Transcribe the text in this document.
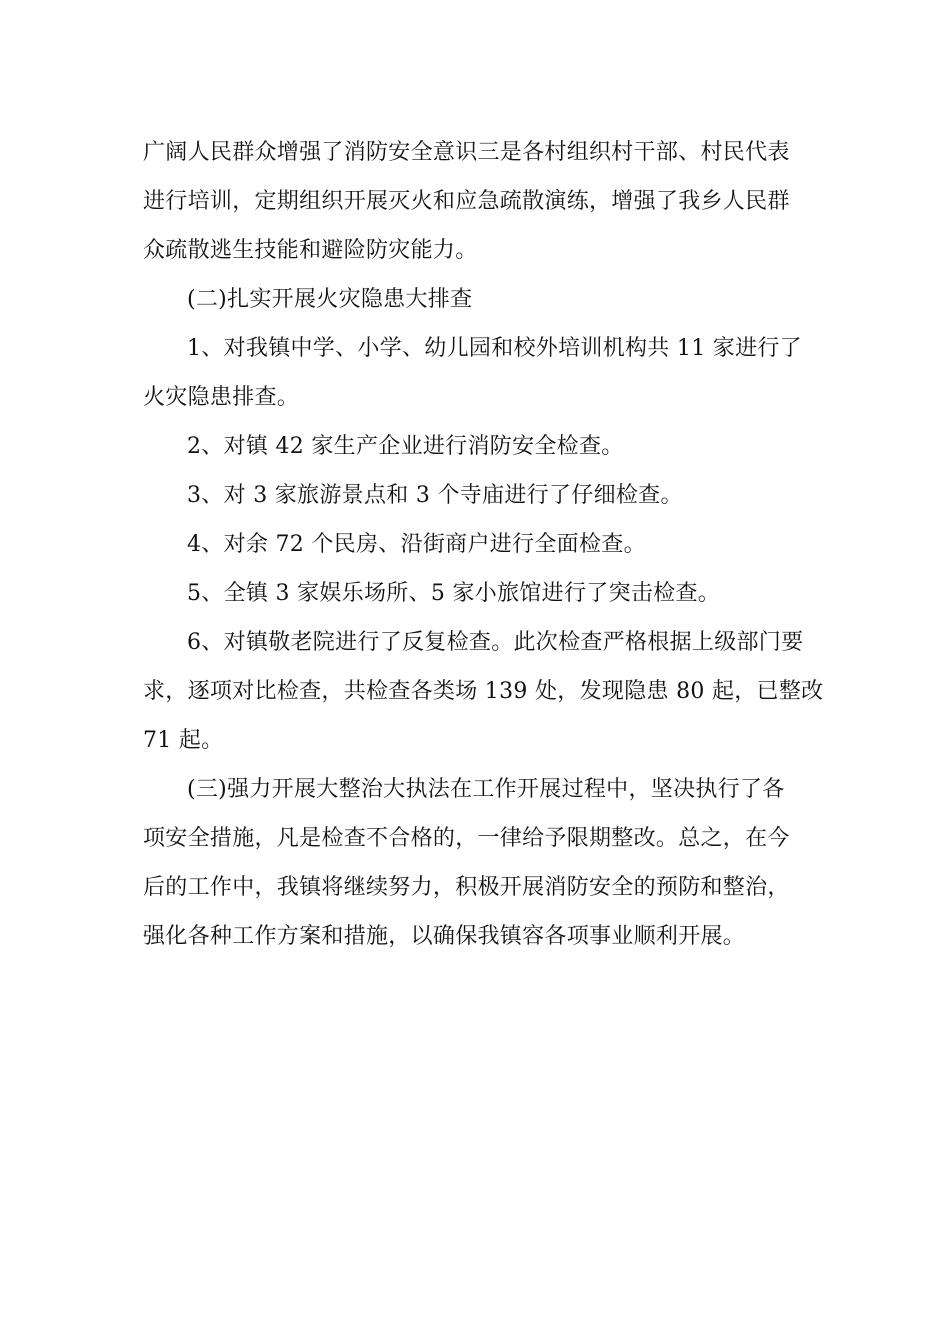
广阔人民群众增强了消防安全意识三是各村组织村干部、村民代表
进行培训，定期组织开展灭火和应急疏散演练，增强了我乡人民群
众疏散逃生技能和避险防灾能力。
(二)扎实开展火灾隐患大排查
1、对我镇中学、小学、幼儿园和校外培训机构共 11 家进行了
火灾隐患排查。
2、对镇 42 家生产企业进行消防安全检查。
3、对 3 家旅游景点和 3 个寺庙进行了仔细检查。
4、对余 72 个民房、沿街商户进行全面检查。
5、全镇 3 家娱乐场所、5 家小旅馆进行了突击检查。
6、对镇敬老院进行了反复检查。此次检查严格根据上级部门要
求，逐项对比检查，共检查各类场 139 处，发现隐患 80 起，已整改
71 起。
(三)强力开展大整治大执法在工作开展过程中，坚决执行了各
项安全措施，凡是检查不合格的，一律给予限期整改。总之，在今
后的工作中，我镇将继续努力，积极开展消防安全的预防和整治，
强化各种工作方案和措施，以确保我镇容各项事业顺利开展。
